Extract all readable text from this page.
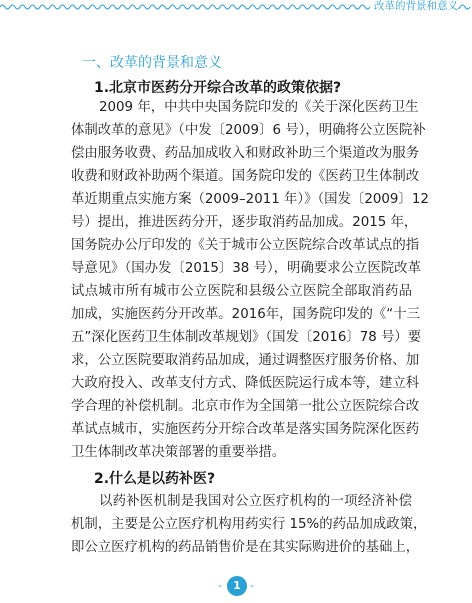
改革的背景和意义
一、改革的背景和意义
1.北京市医药分开综合改革的政策依据?
2009 年，中共中央国务院印发的《关于深化医药卫生
体制改革的意见》（中发〔2009〕6 号），明确将公立医院补
偿由服务收费、药品加成收入和财政补助三个渠道改为服务
收费和财政补助两个渠道。国务院印发的《医药卫生体制改
革近期重点实施方案（2009–2011 年）》（国发〔2009〕12
号）提出，推进医药分开，逐步取消药品加成。2015 年，
国务院办公厅印发的《关于城市公立医院综合改革试点的指
导意见》（国办发〔2015〕38 号），明确要求公立医院改革
试点城市所有城市公立医院和县级公立医院全部取消药品
加成，实施医药分开改革。2016年，国务院印发的《“十三
五”深化医药卫生体制改革规划》（国发〔2016〕78 号）要
求，公立医院要取消药品加成，通过调整医疗服务价格、加
大政府投入、改革支付方式、降低医院运行成本等，建立科
学合理的补偿机制。北京市作为全国第一批公立医院综合改
革试点城市，实施医药分开综合改革是落实国务院深化医药
卫生体制改革决策部署的重要举措。
2.什么是以药补医?
以药补医机制是我国对公立医疗机构的一项经济补偿
机制，主要是公立医疗机构用药实行 15%的药品加成政策，
即公立医疗机构的药品销售价是在其实际购进价的基础上，
-	1 -
